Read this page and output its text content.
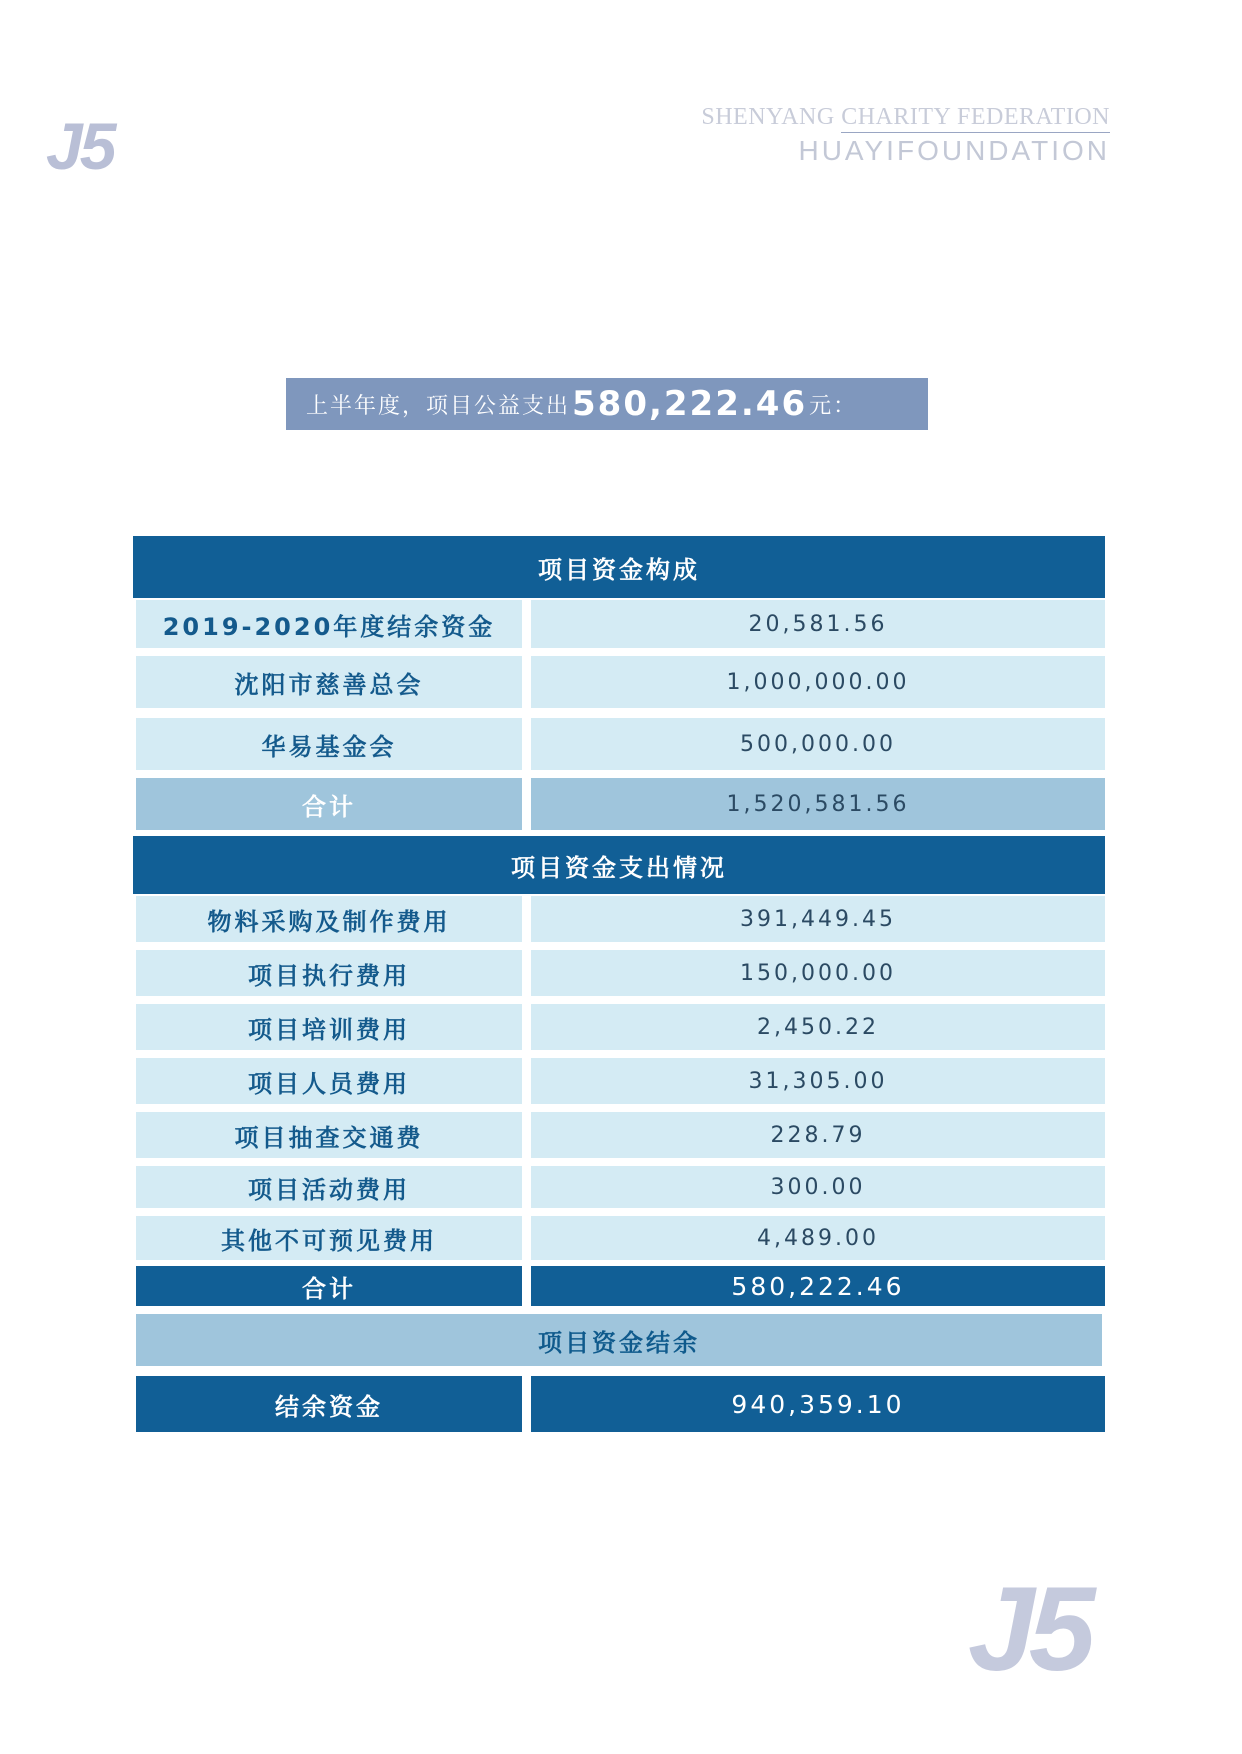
J5	SHENYANG CHARITY FEDERATION
HUAYIFOUNDATION
上半年度，项目公益支出 580,222.46 元：
项目资金构成
2019-2020年度结余资金	20,581.56
沈阳市慈善总会	1,000,000.00
华易基金会	500,000.00
合计	1,520,581.56
项目资金支出情况
物料采购及制作费用	391,449.45
项目执行费用	150,000.00
项目培训费用	2,450.22
项目人员费用	31,305.00
项目抽查交通费	228.79
项目活动费用	300.00
其他不可预见费用	4,489.00
合计	580,222.46
项目资金结余
结余资金	940,359.10
J5
